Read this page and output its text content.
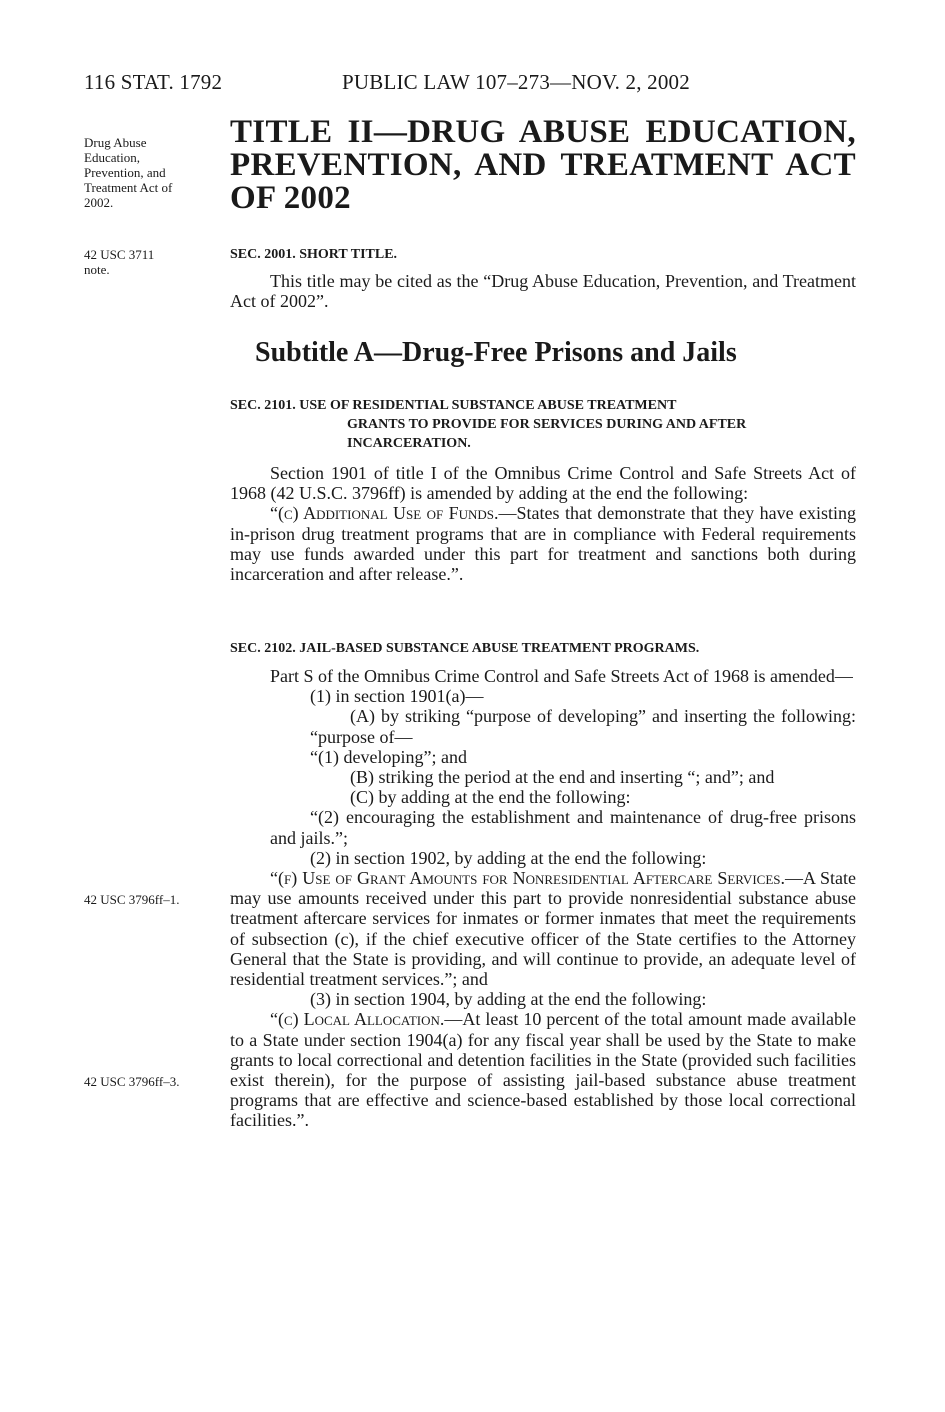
116 STAT. 1792	PUBLIC LAW 107–273—NOV. 2, 2002
Drug Abuse
Education,
Prevention, and
Treatment Act of
2002.
TITLE II—DRUG ABUSE EDUCATION,
PREVENTION, AND TREATMENT ACT
OF 2002
42 USC 3711
note.
SEC. 2001. SHORT TITLE.

This title may be cited as the “Drug Abuse Education, Prevention, and Treatment Act of 2002”.

Subtitle A—Drug-Free Prisons and Jails
SEC. 2101. USE OF RESIDENTIAL SUBSTANCE ABUSE TREATMENT
GRANTS TO PROVIDE FOR SERVICES DURING AND AFTER
INCARCERATION.

Section 1901 of title I of the Omnibus Crime Control and Safe Streets Act of 1968 (42 U.S.C. 3796ff) is amended by adding at the end the following:

“(c) Additional Use of Funds.—States that demonstrate that they have existing in-prison drug treatment programs that are in compliance with Federal requirements may use funds awarded under this part for treatment and sanctions both during incarceration and after release.”.

SEC. 2102. JAIL-BASED SUBSTANCE ABUSE TREATMENT PROGRAMS.

Part S of the Omnibus Crime Control and Safe Streets Act of 1968 is amended—

(1) in section 1901(a)—

(A) by striking “purpose of developing” and inserting the following: “purpose of—

“(1) developing”; and

(B) striking the period at the end and inserting “; and”; and

(C) by adding at the end the following:

“(2) encouraging the establishment and maintenance of drug-free prisons and jails.”;

(2) in section 1902, by adding at the end the following:

“(f) Use of Grant Amounts for Nonresidential Aftercare Services.—A State may use amounts received under this part to provide nonresidential substance abuse treatment aftercare services for inmates or former inmates that meet the requirements of subsection (c), if the chief executive officer of the State certifies to the Attorney General that the State is providing, and will continue to provide, an adequate level of residential treatment services.”; and

(3) in section 1904, by adding at the end the following:

“(c) Local Allocation.—At least 10 percent of the total amount made available to a State under section 1904(a) for any fiscal year shall be used by the State to make grants to local correctional and detention facilities in the State (provided such facilities exist therein), for the purpose of assisting jail-based substance abuse treatment programs that are effective and science-based established by those local correctional facilities.”.

42 USC 3796ff–1.
42 USC 3796ff–3.
